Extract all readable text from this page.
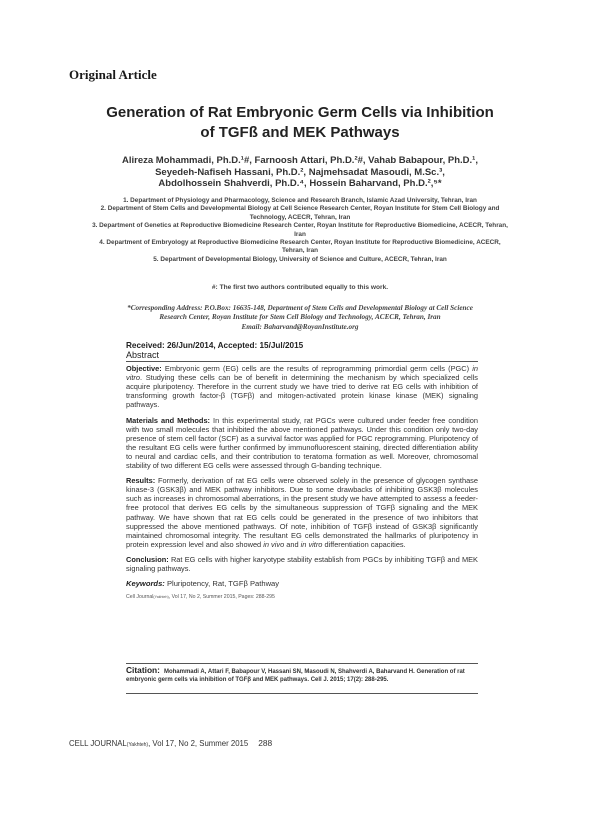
Original Article
Generation of Rat Embryonic Germ Cells via Inhibition
of TGFß and MEK Pathways
Alireza Mohammadi, Ph.D.¹#, Farnoosh Attari, Ph.D.²#, Vahab Babapour, Ph.D.¹,
Seyedeh-Nafiseh Hassani, Ph.D.², Najmehsadat Masoudi, M.Sc.³,
Abdolhossein Shahverdi, Ph.D.⁴, Hossein Baharvand, Ph.D.²,⁵*
1. Department of Physiology and Pharmacology, Science and Research Branch, Islamic Azad University, Tehran, Iran
2. Department of Stem Cells and Developmental Biology at Cell Science Research Center, Royan Institute for Stem Cell Biology and Technology, ACECR, Tehran, Iran
3. Department of Genetics at Reproductive Biomedicine Research Center, Royan Institute for Reproductive Biomedicine, ACECR, Tehran, Iran
4. Department of Embryology at Reproductive Biomedicine Research Center, Royan Institute for Reproductive Biomedicine, ACECR, Tehran, Iran
5. Department of Developmental Biology, University of Science and Culture, ACECR, Tehran, Iran
#: The first two authors contributed equally to this work.
*Corresponding Address: P.O.Box: 16635-148, Department of Stem Cells and Developmental Biology at Cell Science
Research Center, Royan Institute for Stem Cell Biology and Technology, ACECR, Tehran, Iran
Email: Baharvand@RoyanInstitute.org
Received: 26/Jun/2014, Accepted: 15/Jul/2015
Abstract

Objective: Embryonic germ (EG) cells are the results of reprogramming primordial germ cells (PGC) in vitro. Studying these cells can be of benefit in determining the mechanism by which specialized cells acquire pluripotency. Therefore in the current study we have tried to derive rat EG cells with inhibition of transforming growth factor-β (TGFβ) and mitogen-activated protein kinase kinase (MEK) signaling pathways.

Materials and Methods: In this experimental study, rat PGCs were cultured under feeder free condition with two small molecules that inhibited the above mentioned pathways. Under this condition only two-day presence of stem cell factor (SCF) as a survival factor was applied for PGC reprogramming. Pluripotency of the resultant EG cells were further confirmed by immunofluorescent staining, directed differentiation ability to neural and cardiac cells, and their contribution to teratoma formation as well. Moreover, chromosomal stability of two different EG cells were assessed through G-banding technique.

Results: Formerly, derivation of rat EG cells were observed solely in the presence of glycogen synthase kinase-3 (GSK3β) and MEK pathway inhibitors. Due to some drawbacks of inhibiting GSK3β molecules such as increases in chromosomal aberrations, in the present study we have attempted to assess a feeder-free protocol that derives EG cells by the simultaneous suppression of TGFβ signaling and the MEK pathway. We have shown that rat EG cells could be generated in the presence of two inhibitors that suppressed the above mentioned pathways. Of note, inhibition of TGFβ instead of GSK3β significantly maintained chromosomal integrity. The resultant EG cells demonstrated the hallmarks of pluripotency in protein expression level and also showed in vivo and in vitro differentiation capacities.

Conclusion: Rat EG cells with higher karyotype stability establish from PGCs by inhibiting TGFβ and MEK signaling pathways.

Keywords: Pluripotency, Rat, TGFβ Pathway
Cell Journal(Yakhteh), Vol 17, No 2, Summer 2015, Pages: 288-295
Citation: Mohammadi A, Attari F, Babapour V, Hassani SN, Masoudi N, Shahverdi A, Baharvand H. Generation of rat embryonic germ cells via inhibition of TGFβ and MEK pathways. Cell J. 2015; 17(2): 288-295.
CELL JOURNAL(Yakhteh), Vol 17, No 2, Summer 2015 288
